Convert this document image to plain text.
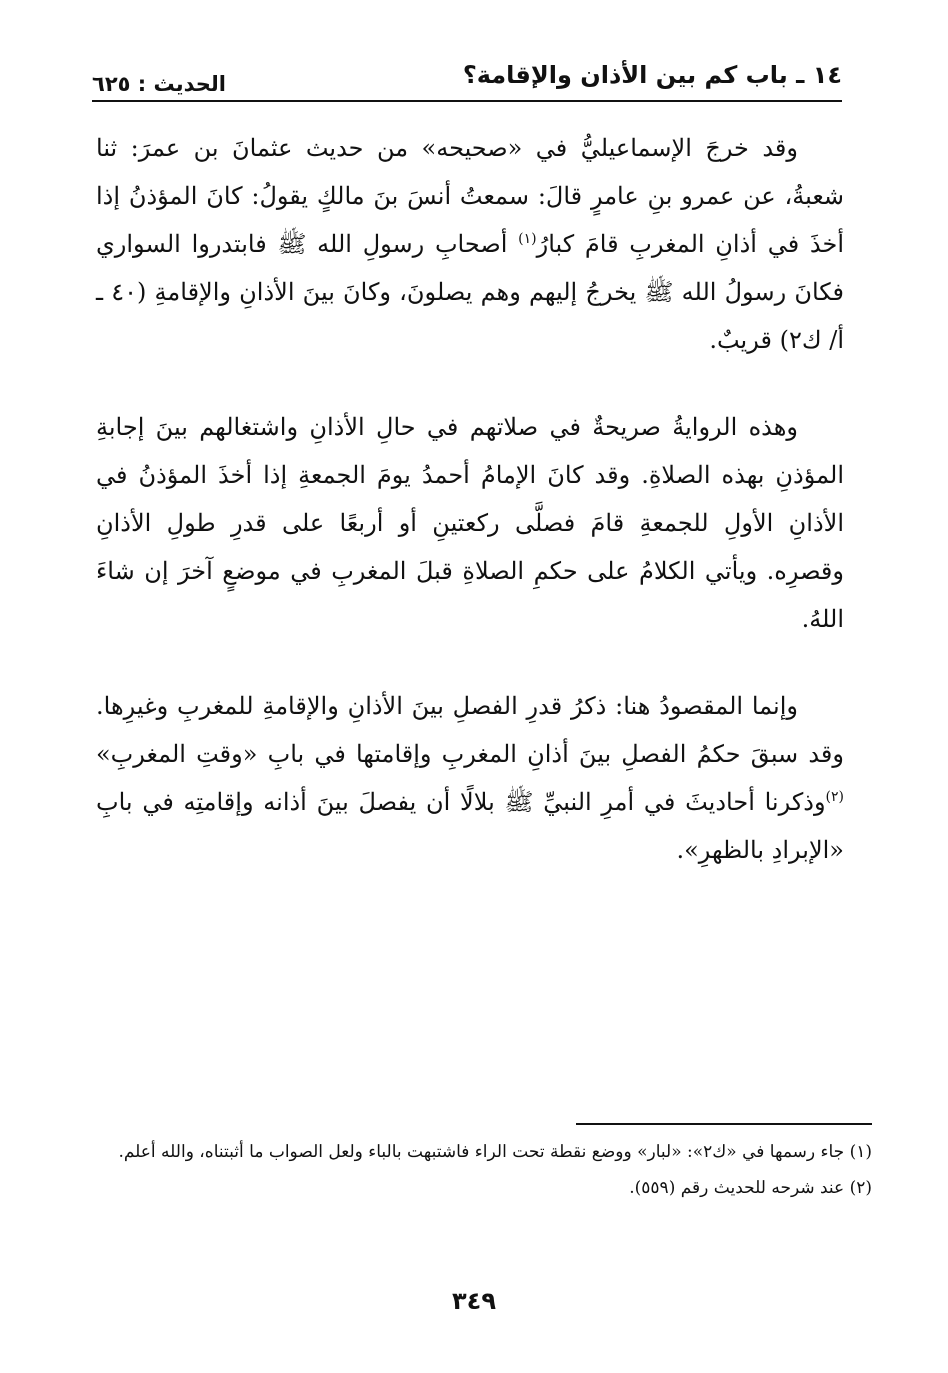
١٤ ـ باب كم بين الأذان والإقامة؟
الحديث : ٦٢٥

وقد خرجَ الإسماعيليُّ في «صحيحه» من حديث عثمانَ بن عمرَ: ثنا شعبةُ، عن عمرو بنِ عامرٍ قالَ: سمعتُ أنسَ بنَ مالكٍ يقولُ: كانَ المؤذنُ إذا أخذَ في أذانِ المغربِ قامَ كبارُ$^{(١)}$ أصحابِ رسولِ الله ﷺ فابتدروا السواري فكانَ رسولُ الله ﷺ يخرجُ إليهم وهم يصلونَ، وكانَ بينَ الأذانِ والإقامةِ (٤٠ ـ أ/ ك٢) قريبٌ.

وهذه الروايةُ صريحةٌ في صلاتهم في حالِ الأذانِ واشتغالهم بينَ إجابةِ المؤذنِ بهذه الصلاةِ. وقد كانَ الإمامُ أحمدُ يومَ الجمعةِ إذا أخذَ المؤذنُ في الأذانِ الأولِ للجمعةِ قامَ فصلَّى ركعتينِ أو أربعًا على قدرِ طولِ الأذانِ وقصرِه. ويأتي الكلامُ على حكمِ الصلاةِ قبلَ المغربِ في موضعٍ آخرَ إن شاءَ اللهُ.

وإنما المقصودُ هنا: ذكرُ قدرِ الفصلِ بينَ الأذانِ والإقامةِ للمغربِ وغيرِها. وقد سبقَ حكمُ الفصلِ بينَ أذانِ المغربِ وإقامتها في بابِ «وقتِ المغربِ» $^{(٢)}$وذكرنا أحاديثَ في أمرِ النبيِّ ﷺ بلالًا أن يفصلَ بينَ أذانه وإقامتِه في بابِ «الإبرادِ بالظهرِ».

(١) جاء رسمها في «ك٢»: «لبار» ووضع نقطة تحت الراء فاشتبهت بالباء ولعل الصواب ما أثبتناه، والله أعلم.

(٢) عند شرحه للحديث رقم (٥٥٩).

٣٤٩
